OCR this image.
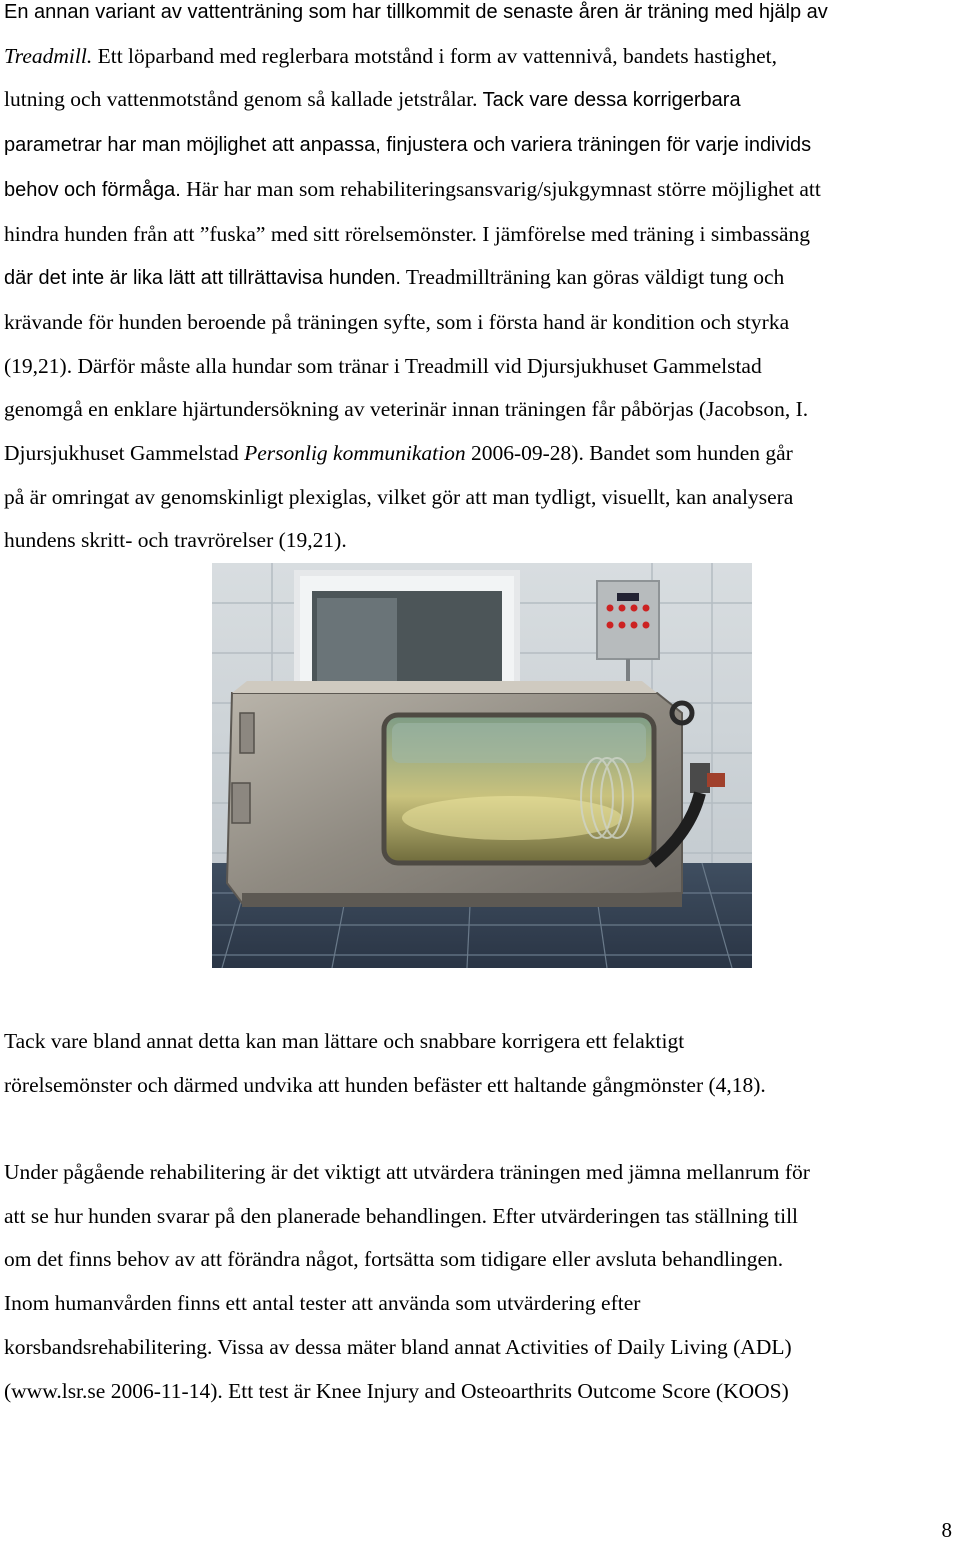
En annan variant av vattenträning som har tillkommit de senaste åren är träning med hjälp av
Treadmill. Ett löparband med reglerbara motstånd i form av vattennivå, bandets hastighet,
lutning och vattenmotstånd genom så kallade jetstrålar. Tack vare dessa korrigerbara
parametrar har man möjlighet att anpassa, finjustera och variera träningen för varje individs
behov och förmåga. Här har man som rehabiliteringsansvarig/sjukgymnast större möjlighet att
hindra hunden från att ”fuska” med sitt rörelsemönster. I jämförelse med träning i simbassäng
där det inte är lika lätt att tillrättavisa hunden. Treadmillträning kan göras väldigt tung och
krävande för hunden beroende på träningen syfte, som i första hand är kondition och styrka
(19,21). Därför måste alla hundar som tränar i Treadmill vid Djursjukhuset Gammelstad
genomgå en enklare hjärtundersökning av veterinär innan träningen får påbörjas (Jacobson, I.
Djursjukhuset Gammelstad Personlig kommunikation 2006-09-28). Bandet som hunden går
på är omringat av genomskinligt plexiglas, vilket gör att man tydligt, visuellt, kan analysera
hundens skritt- och travrörelser (19,21).

Tack vare bland annat detta kan man lättare och snabbare korrigera ett felaktigt
rörelsemönster och därmed undvika att hunden befäster ett haltande gångmönster (4,18).

Under pågående rehabilitering är det viktigt att utvärdera träningen med jämna mellanrum för
att se hur hunden svarar på den planerade behandlingen. Efter utvärderingen tas ställning till
om det finns behov av att förändra något, fortsätta som tidigare eller avsluta behandlingen.
Inom humanvården finns ett antal tester att använda som utvärdering efter
korsbandsrehabilitering. Vissa av dessa mäter bland annat Activities of Daily Living (ADL)
(www.lsr.se 2006-11-14). Ett test är Knee Injury and Osteoarthrits Outcome Score (KOOS)

8
